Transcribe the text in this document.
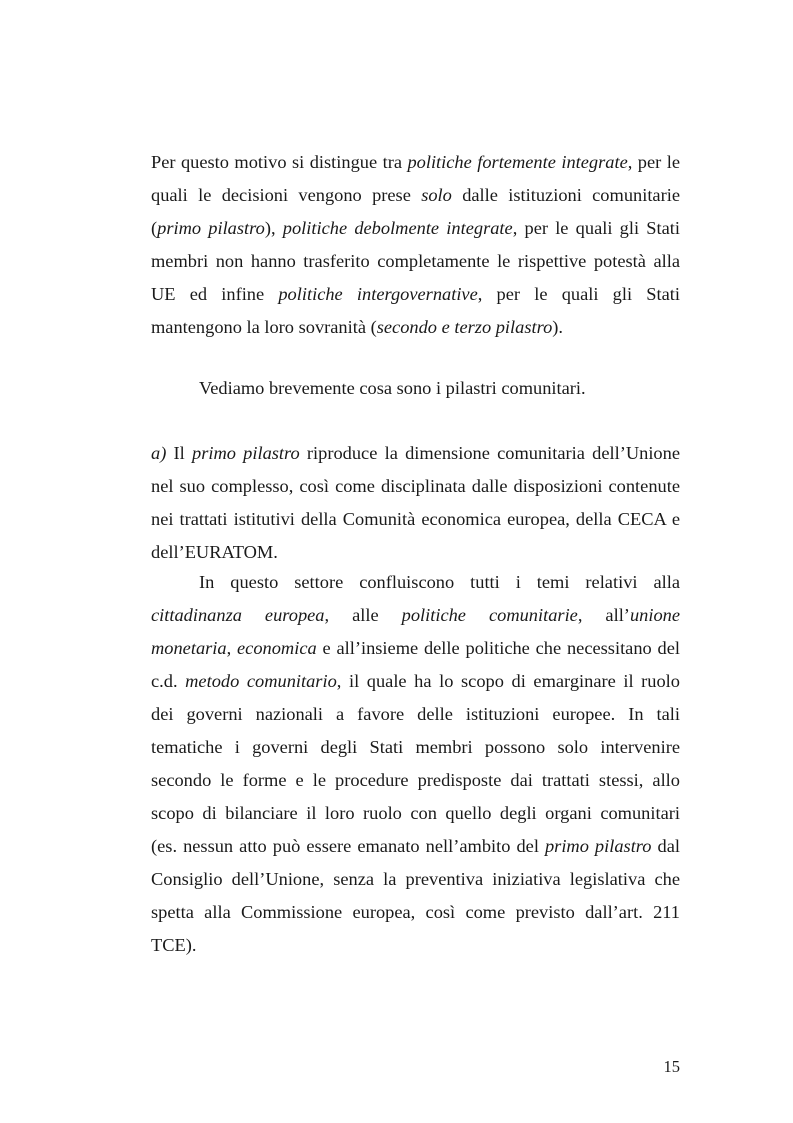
Per questo motivo si distingue tra politiche fortemente integrate, per le
quali le decisioni vengono prese solo dalle istituzioni comunitarie
(primo pilastro), politiche debolmente integrate, per le quali gli Stati
membri non hanno trasferito completamente le rispettive potestà alla
UE ed infine politiche intergovernative, per le quali gli Stati
mantengono la loro sovranità (secondo e terzo pilastro).
Vediamo brevemente cosa sono i pilastri comunitari.
a) Il primo pilastro riproduce la dimensione comunitaria dell’Unione
nel suo complesso, così come disciplinata dalle disposizioni contenute
nei trattati istitutivi della Comunità economica europea, della CECA e
dell’EURATOM.
In questo settore confluiscono tutti i temi relativi alla
cittadinanza europea, alle politiche comunitarie, all’unione
monetaria, economica e all’insieme delle politiche che necessitano del
c.d. metodo comunitario, il quale ha lo scopo di emarginare il ruolo
dei governi nazionali a favore delle istituzioni europee. In tali
tematiche i governi degli Stati membri possono solo intervenire
secondo le forme e le procedure predisposte dai trattati stessi, allo
scopo di bilanciare il loro ruolo con quello degli organi comunitari
(es. nessun atto può essere emanato nell’ambito del primo pilastro dal
Consiglio dell’Unione, senza la preventiva iniziativa legislativa che
spetta alla Commissione europea, così come previsto dall’art. 211
TCE).
15
